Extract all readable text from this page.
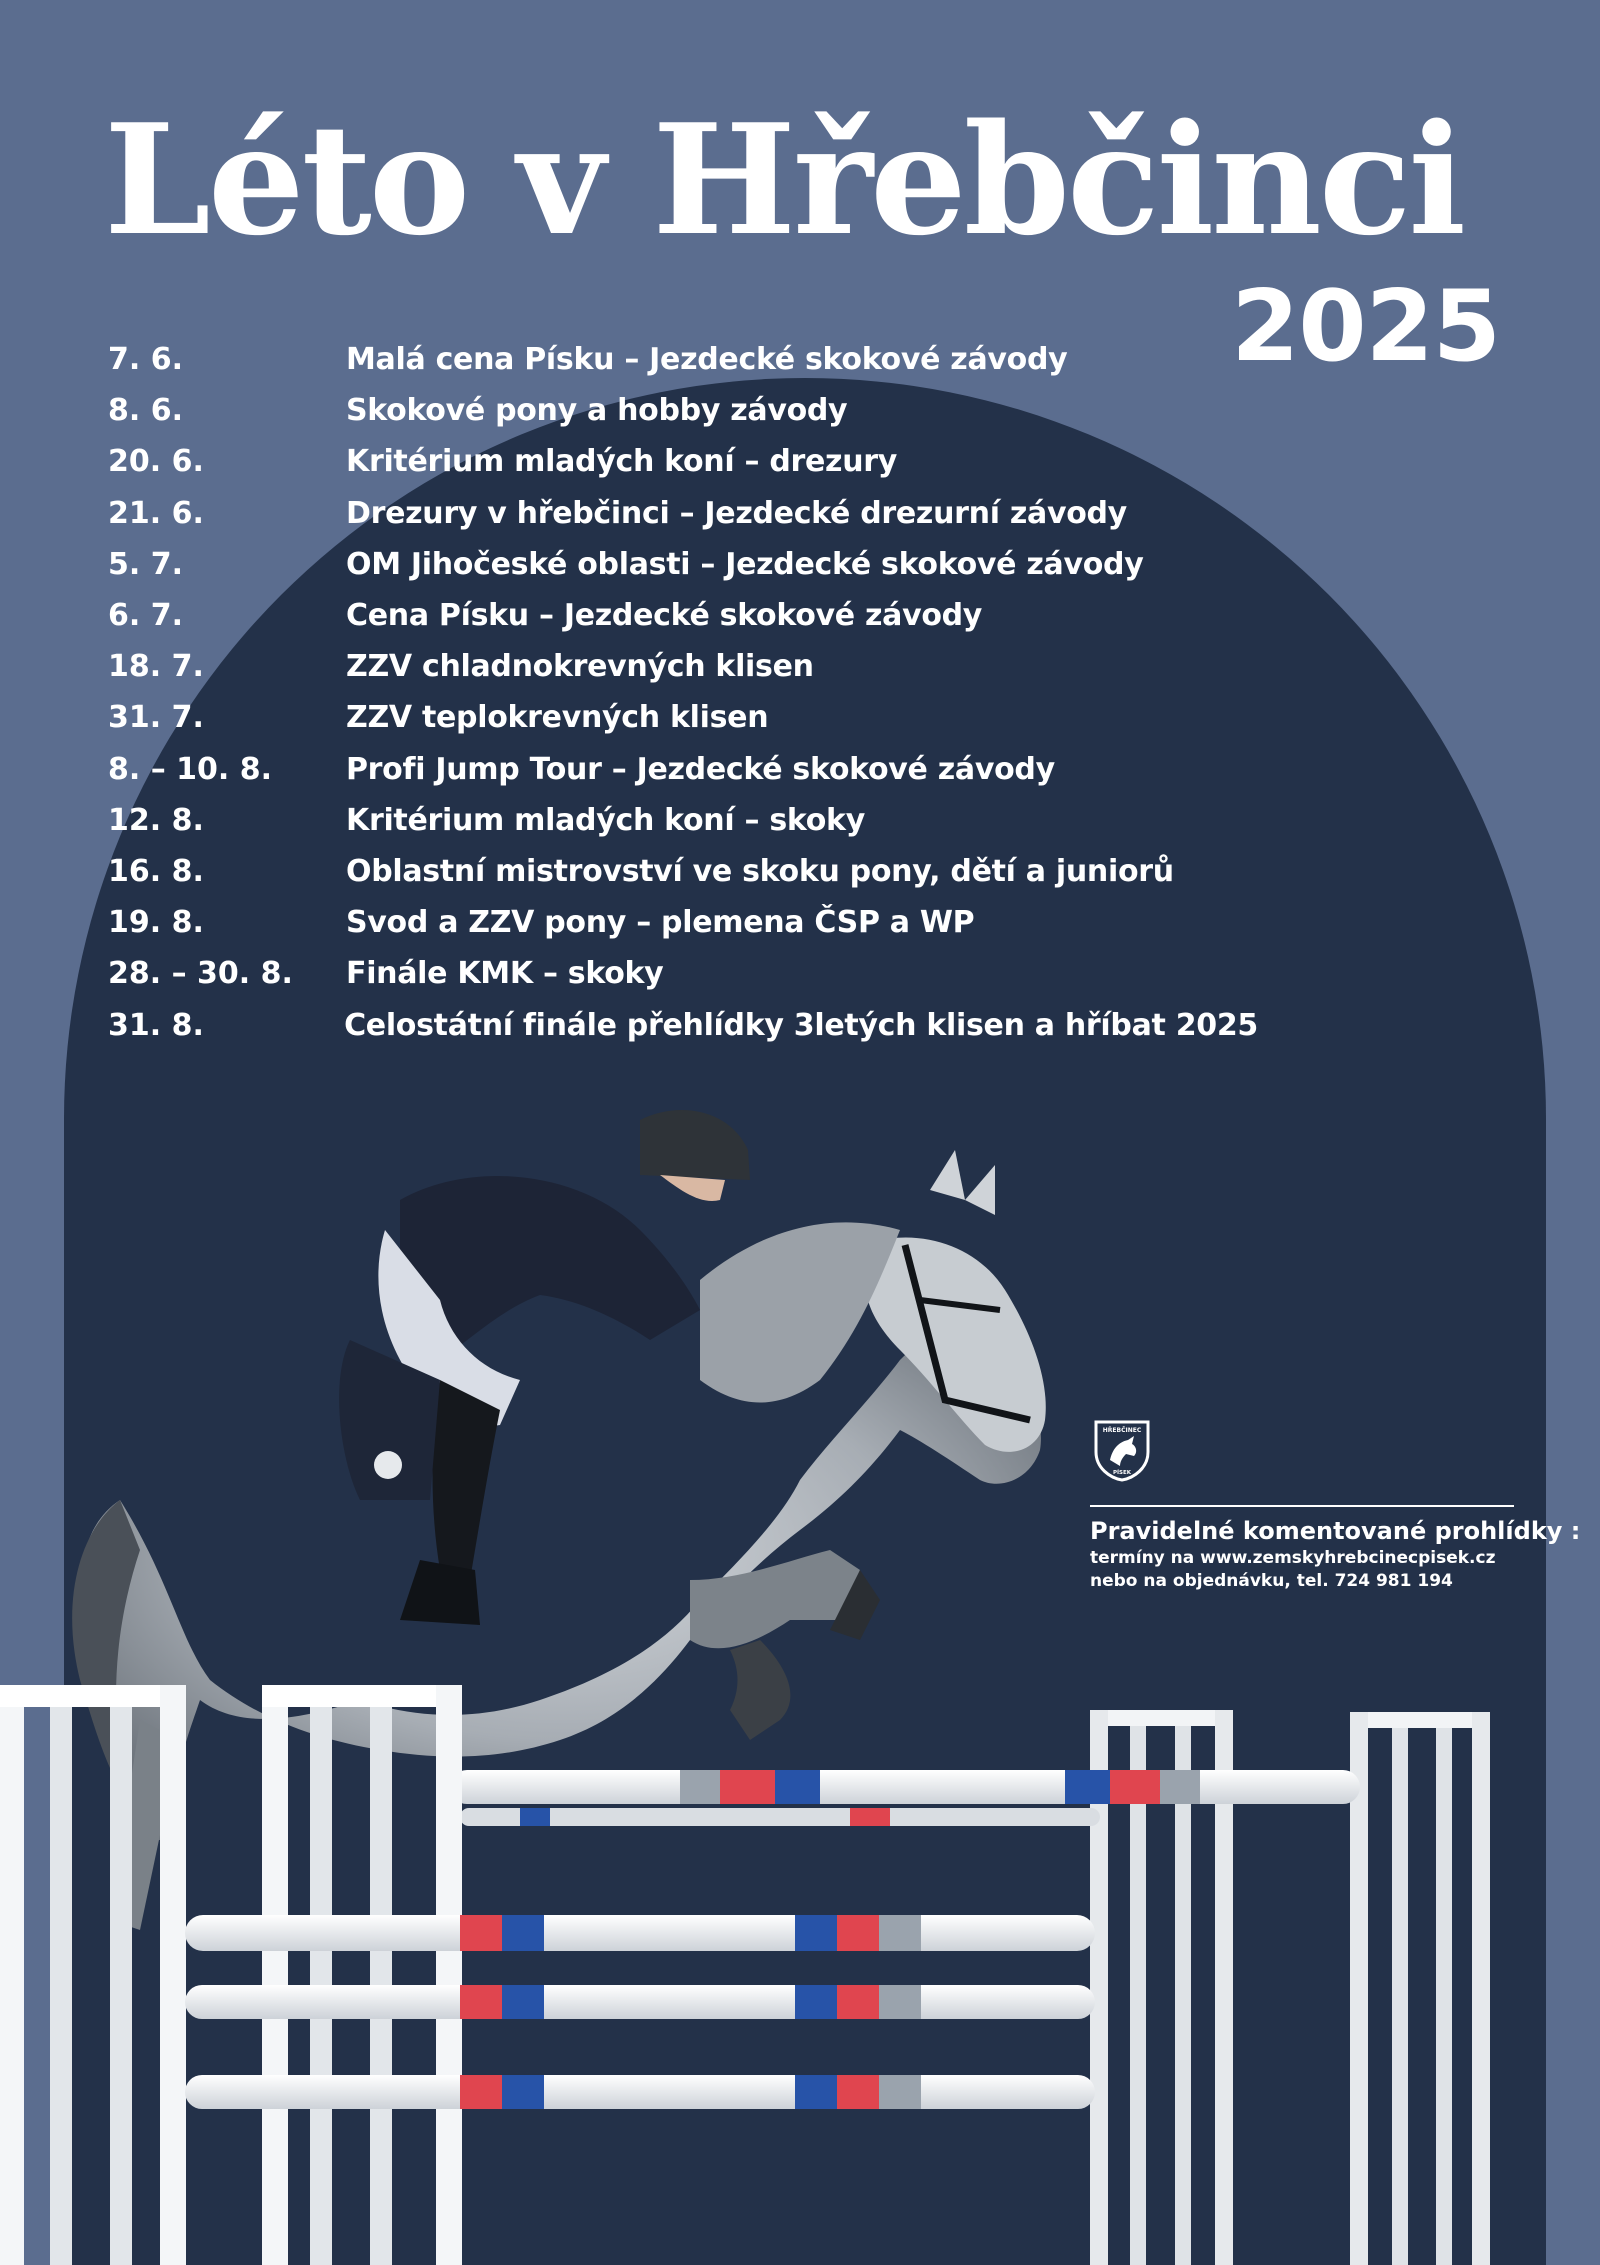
Léto v Hřebčinci
2025
7. 6.	Malá cena Písku – Jezdecké skokové závody
8. 6.	Skokové pony a hobby závody
20. 6.	Kritérium mladých koní – drezury
21. 6.	Drezury v hřebčinci – Jezdecké drezurní závody
5. 7.	OM Jihočeské oblasti – Jezdecké skokové závody
6. 7.	Cena Písku – Jezdecké skokové závody
18. 7.	ZZV chladnokrevných klisen
31. 7.	ZZV teplokrevných klisen
8. – 10. 8.	Profi Jump Tour – Jezdecké skokové závody
12. 8.	Kritérium mladých koní – skoky
16. 8.	Oblastní mistrovství ve skoku pony, dětí a juniorů
19. 8.	Svod a ZZV pony – plemena ČSP a WP
28. – 30. 8.	Finále KMK – skoky
31. 8.	Celostátní finále přehlídky 3letých klisen a hříbat 2025
HŘEBČINEC
PÍSEK
Pravidelné komentované prohlídky :
termíny na www.zemskyhrebcinecpisek.cz
nebo na objednávku, tel. 724 981 194
